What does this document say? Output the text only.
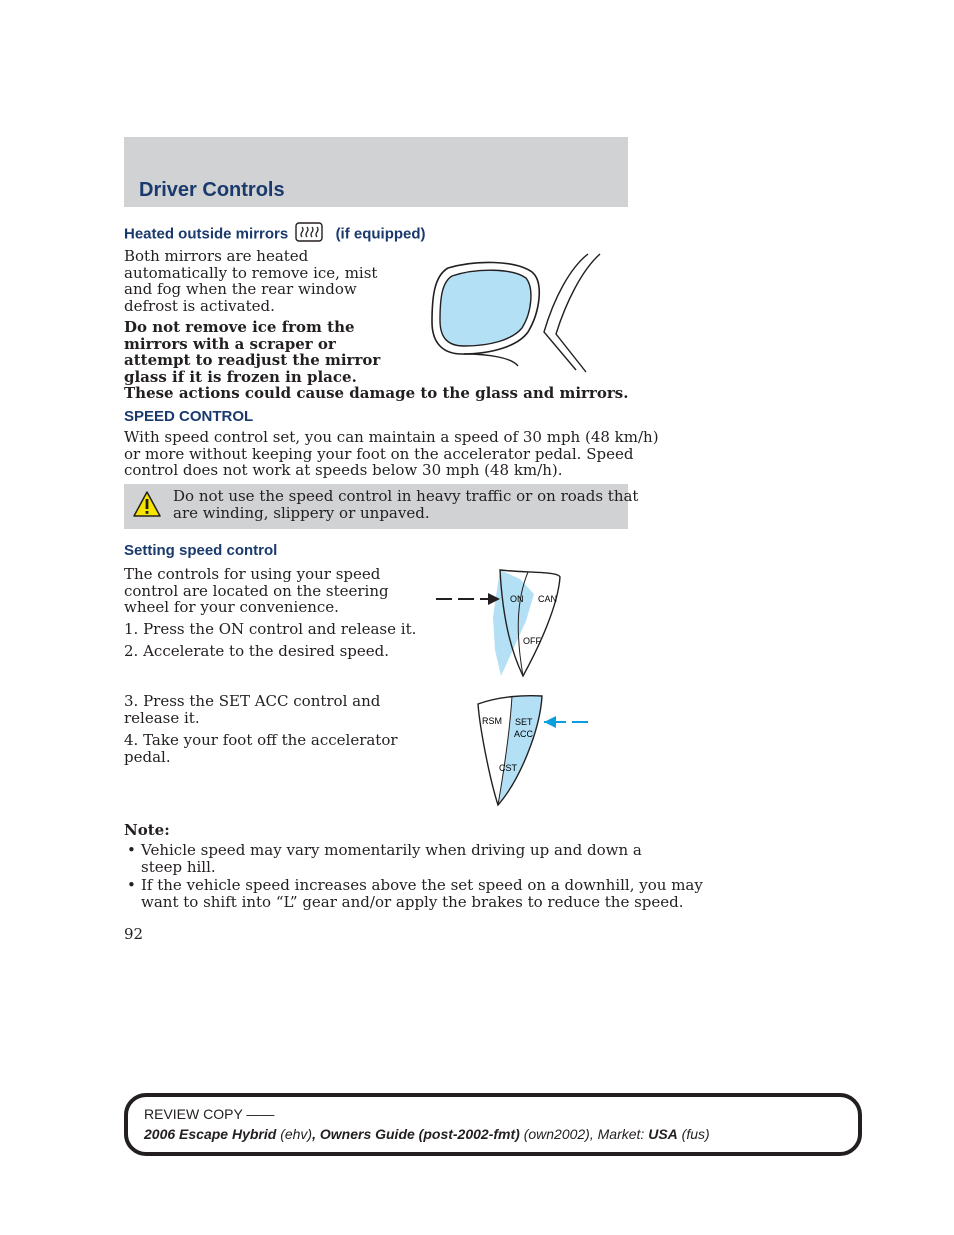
Driver Controls
Heated outside mirrors	(if equipped)
Both mirrors are heated
automatically to remove ice, mist
and fog when the rear window
defrost is activated.
Do not remove ice from the
mirrors with a scraper or
attempt to readjust the mirror
glass if it is frozen in place.
These actions could cause damage to the glass and mirrors.
SPEED CONTROL
With speed control set, you can maintain a speed of 30 mph (48 km/h)
or more without keeping your foot on the accelerator pedal. Speed
control does not work at speeds below 30 mph (48 km/h).
Do not use the speed control in heavy traffic or on roads that
are winding, slippery or unpaved.
Setting speed control
The controls for using your speed
control are located on the steering
wheel for your convenience.
1. Press the ON control and release it.
2. Accelerate to the desired speed.
3. Press the SET ACC control and
release it.
4. Take your foot off the accelerator
pedal.
ON CAN
OFF
RSM SET
ACC
CST
Note:
• Vehicle speed may vary momentarily when driving up and down a
steep hill.
• If the vehicle speed increases above the set speed on a downhill, you may
want to shift into “L” gear and/or apply the brakes to reduce the speed.
92
REVIEW COPY ——
2006 Escape Hybrid (ehv), Owners Guide (post-2002-fmt) (own2002), Market: USA (fus)
